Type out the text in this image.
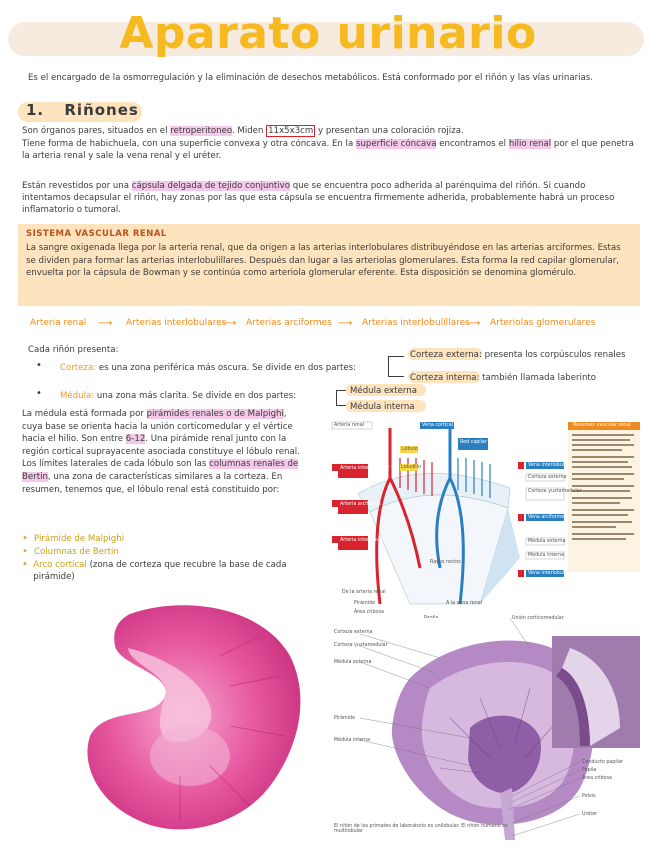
Aparato urinario

Es el encargado de la osmorregulación y la eliminación de desechos metabólicos. Está conformado por el riñón y las vías urinarias.

1. Riñones

Son órganos pares, situados en el retroperitoneo. Miden 11x5x3cm y presentan una coloración rojiza.

Tiene forma de habichuela, con una superficie convexa y otra cóncava. En la superficie cóncava encontramos el hilio renal por el que penetra la arteria renal y sale la vena renal y el uréter.

Están revestidos por una cápsula delgada de tejido conjuntivo que se encuentra poco adherida al parénquima del riñón. Si cuando intentamos decapsular el riñón, hay zonas por las que esta cápsula se encuentra firmemente adherida, probablemente habrá un proceso inflamatorio o tumoral.

SISTEMA VASCULAR RENAL

La sangre oxigenada llega por la arteria renal, que da origen a las arterias interlobulares distribuyéndose en las arterias arciformes. Estas se dividen para formar las arterias interlobulillares. Después dan lugar a las arteriolas glomerulares. Esta forma la red capilar glomerular, envuelta por la cápsula de Bowman y se continúa como arteriola glomerular eferente. Esta disposición se denomina glomérulo.

Arteria renal ⟶ Arterias interlobulares
⟶ Arterias arciformes ⟶ Arterias interlobulillares
⟶ Arteriolas glomerulares

Cada riñón presenta:

• Corteza: es una zona periférica más oscura. Se divide en dos partes:

Corteza externa: presenta los corpúsculos renales

Corteza interna: también llamada laberinto

• Médula: una zona más clarita. Se divide en dos partes:	Médula externa

Médula interna

La médula está formada por pirámides renales o de Malpighi, cuya base se orienta hacia la unión corticomedular y el vértice hacia el hilio. Son entre 6-12. Una pirámide renal junto con la región cortical suprayacente asociada constituye el lóbulo renal. Los límites laterales de cada lóbulo son las columnas renales de Bertin, una zona de características similares a la corteza. En resumen, tenemos que, el lóbulo renal está constituido por:

• Pirámide de Malpighi
• Columnas de Bertin
• Arco cortical (zona de corteza que recubre la base de cada pirámide)
Arteria renal
Arteria interlobulillar
Arteria arciforme
Arteria interlobular
Vena cortical
Red capilar peritubular
Lóbulo
Lobulillo	Vena interlobulillar
Corteza externa
Corteza yuxtamedular
Vena arciforme
Médula externa
Médula interna
Vena interlobular
Resumen vascular renal
Rayos rectos
De la arteria renal
Pirámide
Área cribosa
A la vena renal
Corteza externa
Corteza yuxtamedular
Médula externa
Pirámide
Médula interna
Unión corticomedular
Conducto papilar
Papila
Área cribosa
Pelvis
Uréter
El riñón de los primates de laboratorio es unilobular. El riñón humano es multilobular
